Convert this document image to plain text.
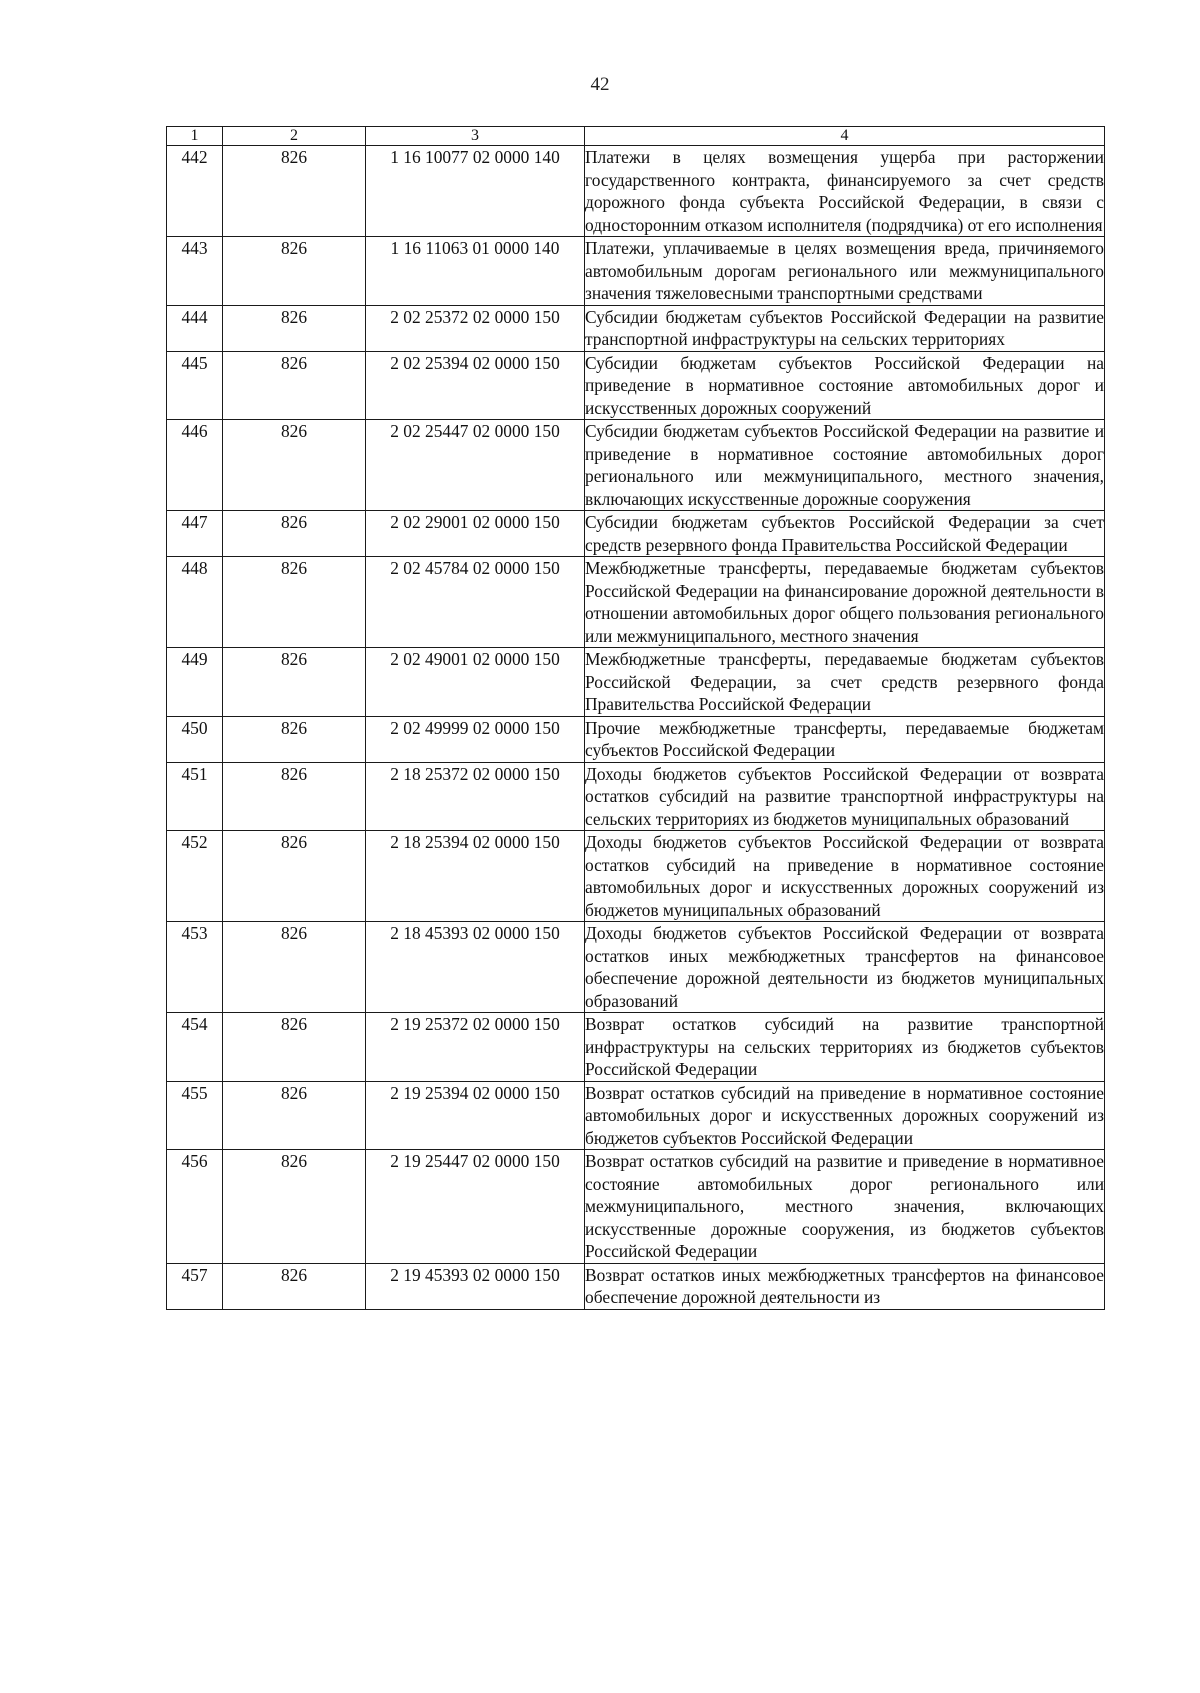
42
1	2	3	4
442	826	1 16 10077 02 0000 140	Платежи в целях возмещения ущерба при расторжении государственного контракта, финансируемого за счет средств дорожного фонда субъекта Российской Федерации, в связи с односторонним отказом исполнителя (подрядчика) от его исполнения
443	826	1 16 11063 01 0000 140	Платежи, уплачиваемые в целях возмещения вреда, причиняемого автомобильным дорогам регионального или межмуниципального значения тяжеловесными транспортными средствами
444	826	2 02 25372 02 0000 150	Субсидии бюджетам субъектов Российской Федерации на развитие транспортной инфраструктуры на сельских территориях
445	826	2 02 25394 02 0000 150	Субсидии бюджетам субъектов Российской Федерации на приведение в нормативное состояние автомобильных дорог и искусственных дорожных сооружений
446	826	2 02 25447 02 0000 150	Субсидии бюджетам субъектов Российской Федерации на развитие и приведение в нормативное состояние автомобильных дорог регионального или межмуниципального, местного значения, включающих искусственные дорожные сооружения
447	826	2 02 29001 02 0000 150	Субсидии бюджетам субъектов Российской Федерации за счет средств резервного фонда Правительства Российской Федерации
448	826	2 02 45784 02 0000 150	Межбюджетные трансферты, передаваемые бюджетам субъектов Российской Федерации на финансирование дорожной деятельности в отношении автомобильных дорог общего пользования регионального или межмуниципального, местного значения
449	826	2 02 49001 02 0000 150	Межбюджетные трансферты, передаваемые бюджетам субъектов Российской Федерации, за счет средств резервного фонда Правительства Российской Федерации
450	826	2 02 49999 02 0000 150	Прочие межбюджетные трансферты, передаваемые бюджетам субъектов Российской Федерации
451	826	2 18 25372 02 0000 150	Доходы бюджетов субъектов Российской Федерации от возврата остатков субсидий на развитие транспортной инфраструктуры на сельских территориях из бюджетов муниципальных образований
452	826	2 18 25394 02 0000 150	Доходы бюджетов субъектов Российской Федерации от возврата остатков субсидий на приведение в нормативное состояние автомобильных дорог и искусственных дорожных сооружений из бюджетов муниципальных образований
453	826	2 18 45393 02 0000 150	Доходы бюджетов субъектов Российской Федерации от возврата остатков иных межбюджетных трансфертов на финансовое обеспечение дорожной деятельности из бюджетов муниципальных образований
454	826	2 19 25372 02 0000 150	Возврат остатков субсидий на развитие транспортной инфраструктуры на сельских территориях из бюджетов субъектов Российской Федерации
455	826	2 19 25394 02 0000 150	Возврат остатков субсидий на приведение в нормативное состояние автомобильных дорог и искусственных дорожных сооружений из бюджетов субъектов Российской Федерации
456	826	2 19 25447 02 0000 150	Возврат остатков субсидий на развитие и приведение в нормативное состояние автомобильных дорог регионального или межмуниципального, местного значения, включающих искусственные дорожные сооружения, из бюджетов субъектов Российской Федерации
457	826	2 19 45393 02 0000 150	Возврат остатков иных межбюджетных трансфертов на финансовое обеспечение дорожной деятельности из
